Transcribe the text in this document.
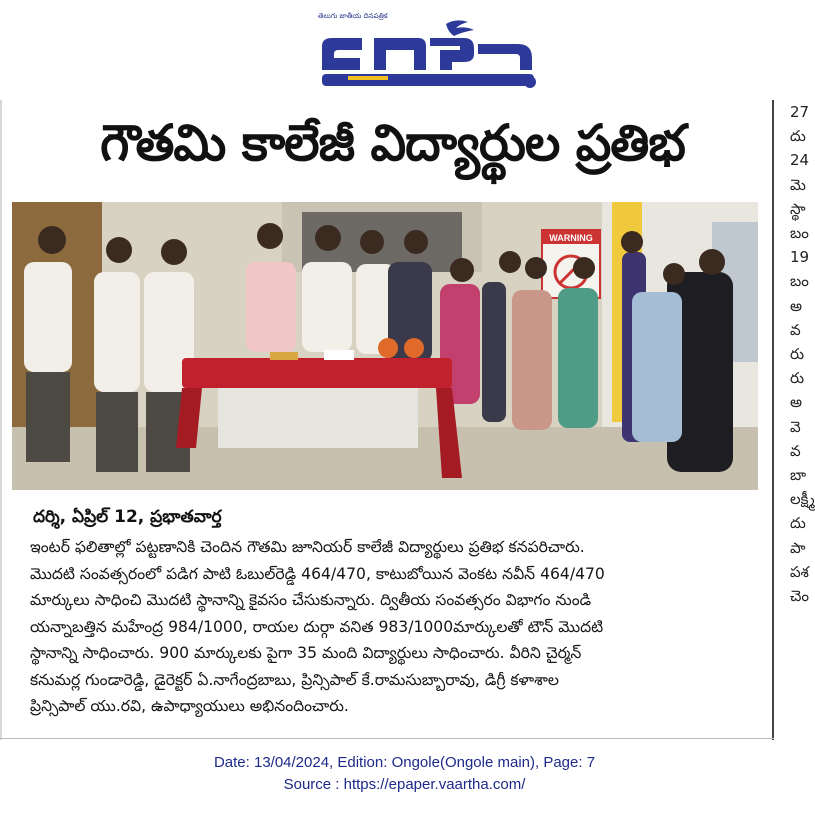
తెలుగు జాతీయ దినపత్రిక
గౌతమి కాలేజీ విద్యార్థుల ప్రతిభ
WARNING
దర్శి, ఏప్రిల్ 12, ప్రభాతవార్త
ఇంటర్ ఫలితాల్లో పట్టణానికి చెందిన గౌతమి జూనియర్ కాలేజీ విద్యార్థులు ప్రతిభ కనపరిచారు.
మొదటి సంవత్సరంలో పడిగ పాటి ఓబుల్‌రెడ్డి 464/470, కాటుబోయిన వెంకట నవీన్ 464/470
మార్కులు సాధించి మొదటి స్థానాన్ని కైవసం చేసుకున్నారు. ద్వితీయ సంవత్సరం విభాగం నుండి
యన్నాబత్తిన మహేంద్ర 984/1000, రాయల దుర్గా వనిత 983/1000మార్కులతో టౌన్ మొదటి
స్థానాన్ని సాధించారు. 900 మార్కులకు పైగా 35 మంది విద్యార్థులు సాధించారు. వీరిని చైర్మన్
కనుమర్ల గుండారెడ్డి, డైరెక్టర్ ఏ.నాగేంద్రబాబు, ప్రిన్సిపాల్ కే.రామసుబ్బారావు, డిగ్రీ కళాశాల
ప్రిన్సిపాల్ యు.రవి, ఉపాధ్యాయులు అభినందించారు.
27
దు
24
మె
స్థా
బం
19
బం
అ
వ
రు
రు
అ
వె
వ
బా
లక్ష్మీ
దు
పా
పశ
చెం
Date: 13/04/2024, Edition: Ongole(Ongole main), Page: 7
Source : https://epaper.vaartha.com/
